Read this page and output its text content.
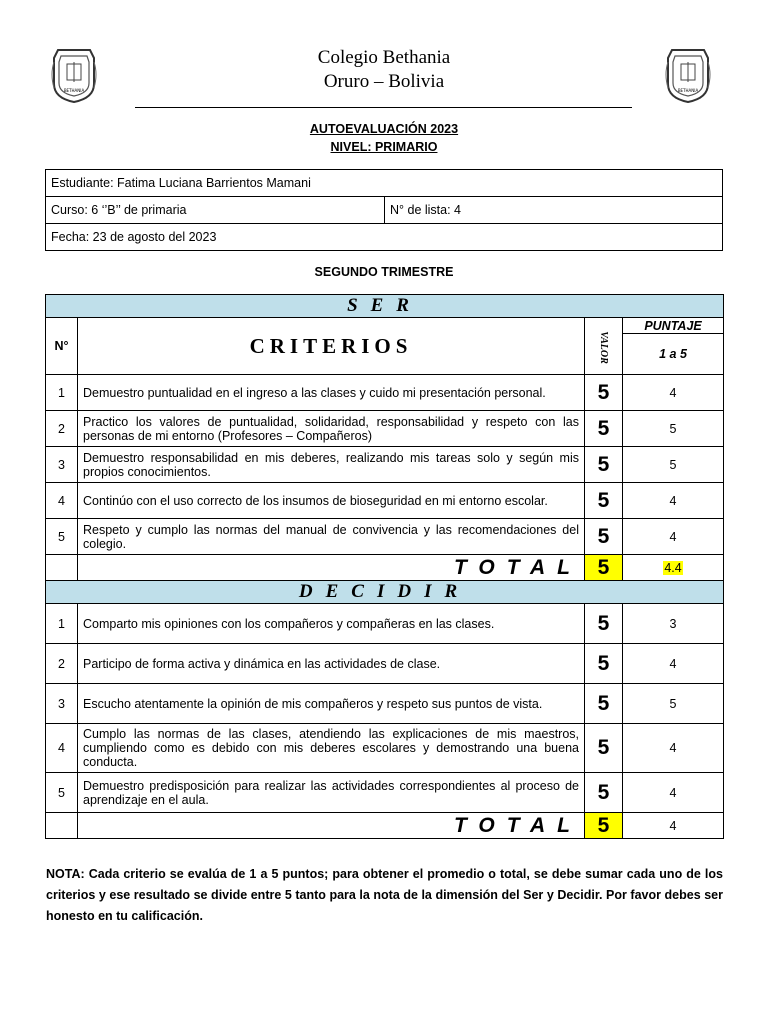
BETHANIA
Colegio Bethania
Oruro – Bolivia	BETHANIA
AUTOEVALUACIÓN 2023
NIVEL: PRIMARIO
Estudiante: Fatima Luciana Barrientos Mamani
Curso: 6 ‘’B’’ de primaria	N° de lista: 4
Fecha: 23 de agosto del 2023
SEGUNDO TRIMESTRE
SER			
N°	CRITERIOS	VALOR	PUNTAJE
			1 a 5
1	Demuestro puntualidad en el ingreso a las clases y cuido mi presentación personal.	5	4
2	Practico los valores de puntualidad, solidaridad, responsabilidad y respeto con las personas de mi entorno (Profesores – Compañeros)	5	5
3	Demuestro responsabilidad en mis deberes, realizando mis tareas solo y según mis propios conocimientos.	5	5
4	Continúo con el uso correcto de los insumos de bioseguridad en mi entorno escolar.	5	4
5	Respeto y cumplo las normas del manual de convivencia y las recomendaciones del colegio.	5	4
	TOTAL	5	4.4
DECIDIR			
1	Comparto mis opiniones con los compañeros y compañeras en las clases.	5	3
2	Participo de forma activa y dinámica en las actividades de clase.	5	4
3	Escucho atentamente la opinión de mis compañeros y respeto sus puntos de vista.	5	5
4	Cumplo las normas de las clases, atendiendo las explicaciones de mis maestros, cumpliendo como es debido con mis deberes escolares y demostrando una buena conducta.	5	4
5	Demuestro predisposición para realizar las actividades correspondientes al proceso de aprendizaje en el aula.	5	4
	TOTAL	5	4
NOTA: Cada criterio se evalúa de 1 a 5 puntos; para obtener el promedio o total, se debe sumar cada uno de los criterios y ese resultado se divide entre 5 tanto para la nota de la dimensión del Ser y Decidir. Por favor debes ser honesto en tu calificación.
